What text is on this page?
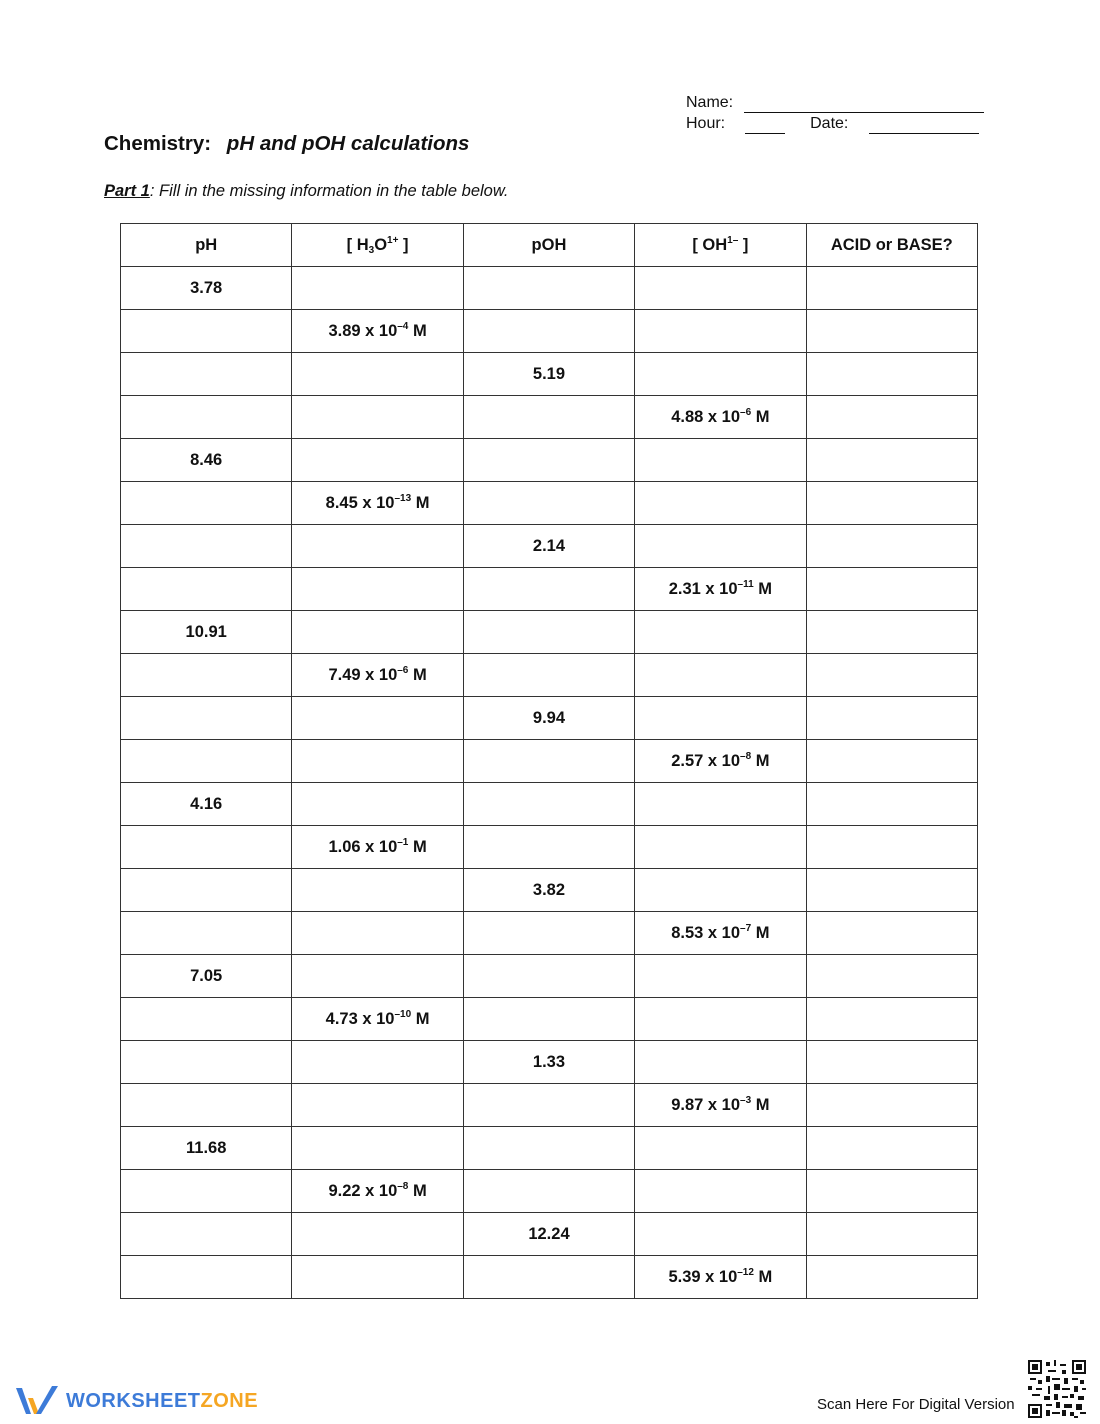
Name:
Hour:	Date:
Chemistry: pH and pOH calculations
Part 1: Fill in the missing information in the table below.
pH	[ $H_3O^{1+}$ ]	pOH	[ $OH^{1-}$ ]	ACID or BASE?
3.78				
	3.89 x $10^{-4}$ M			
		5.19		
			4.88 x $10^{-6}$ M	
8.46				
	8.45 x $10^{-13}$ M			
		2.14		
			2.31 x $10^{-11}$ M	
10.91				
	7.49 x $10^{-6}$ M			
		9.94		
			2.57 x $10^{-8}$ M	
4.16				
	1.06 x $10^{-1}$ M			
		3.82		
			8.53 x $10^{-7}$ M	
7.05				
	4.73 x $10^{-10}$ M			
		1.33		
			9.87 x $10^{-3}$ M	
11.68				
	9.22 x $10^{-8}$ M			
		12.24		
			5.39 x $10^{-12}$ M	
WORKSHEETZONE	Scan Here For Digital Version
